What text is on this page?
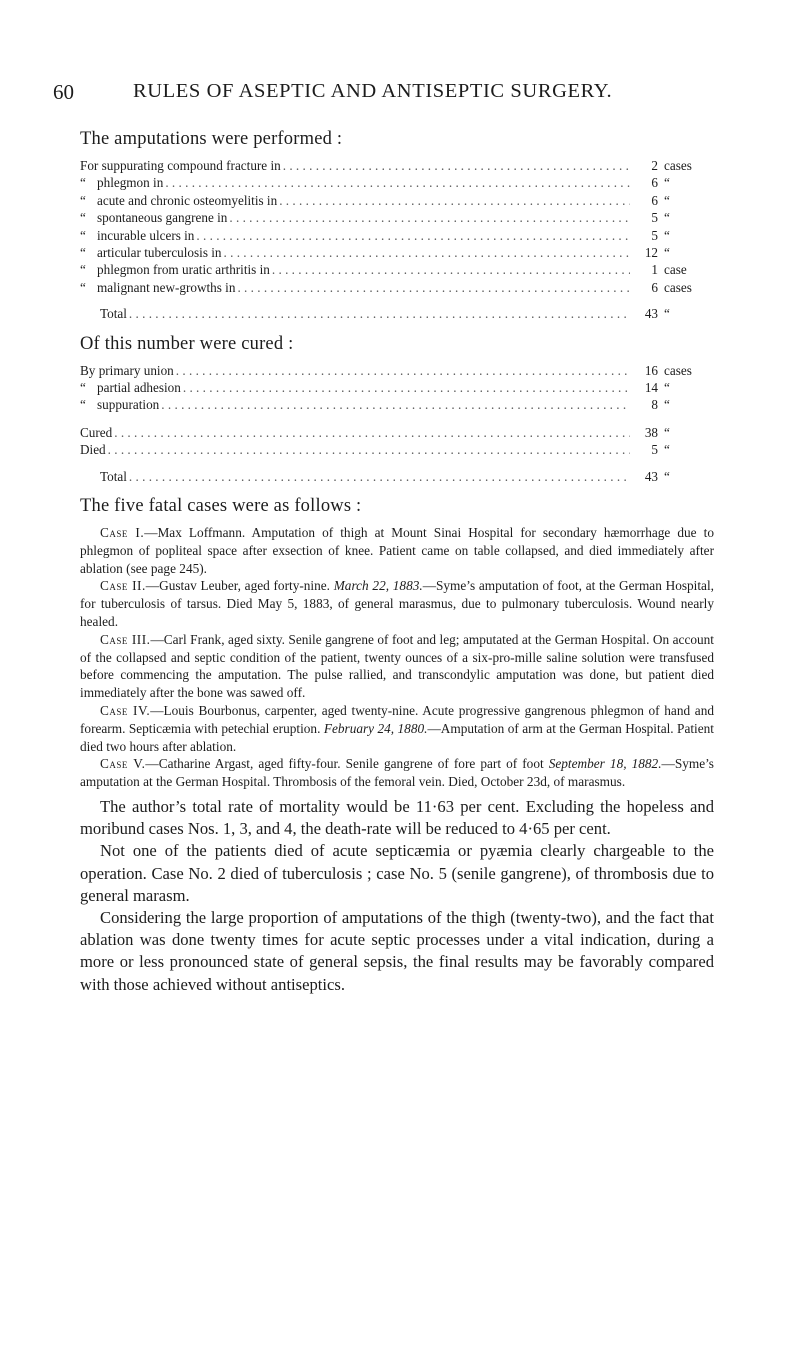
60	RULES OF ASEPTIC AND ANTISEPTIC SURGERY.
The amputations were performed :
For suppurating compound fracture in . . .	2 cases
“ phlegmon in . . .	6 “
“ acute and chronic osteomyelitis in . . .	6 “
“ spontaneous gangrene in . . .	5 “
“ incurable ulcers in . . .	5 “
“ articular tuberculosis in . . .	12 “
“ phlegmon from uratic arthritis in . . .	1 case
“ malignant new-growths in . . .	6 cases
Total . . .	43 “
Of this number were cured :
By primary union . . .	16 cases
“ partial adhesion . . .	14 “
“ suppuration . . .	8 “
Cured . . .	38 “
Died . . .	5 “
Total . . .	43 “
The five fatal cases were as follows :

Case I.—Max Loffmann. Amputation of thigh at Mount Sinai Hospital for secondary hæmorrhage due to phlegmon of popliteal space after exsection of knee. Patient came on table collapsed, and died immediately after ablation (see page 245).

Case II.—Gustav Leuber, aged forty-nine. March 22, 1883.—Syme’s amputation of foot, at the German Hospital, for tuberculosis of tarsus. Died May 5, 1883, of general marasmus, due to pulmonary tuberculosis. Wound nearly healed.

Case III.—Carl Frank, aged sixty. Senile gangrene of foot and leg; amputated at the German Hospital. On account of the collapsed and septic condition of the patient, twenty ounces of a six-pro-mille saline solution were transfused before commencing the amputation. The pulse rallied, and transcondylic amputation was done, but patient died immediately after the bone was sawed off.

Case IV.—Louis Bourbonus, carpenter, aged twenty-nine. Acute progressive gangrenous phlegmon of hand and forearm. Septicæmia with petechial eruption. February 24, 1880.—Amputation of arm at the German Hospital. Patient died two hours after ablation.

Case V.—Catharine Argast, aged fifty-four. Senile gangrene of fore part of foot September 18, 1882.—Syme’s amputation at the German Hospital. Thrombosis of the femoral vein. Died, October 23d, of marasmus.

The author’s total rate of mortality would be 11·63 per cent. Excluding the hopeless and moribund cases Nos. 1, 3, and 4, the death-rate will be reduced to 4·65 per cent.

Not one of the patients died of acute septicæmia or pyæmia clearly chargeable to the operation. Case No. 2 died of tuberculosis ; case No. 5 (senile gangrene), of thrombosis due to general marasm.

Considering the large proportion of amputations of the thigh (twenty-two), and the fact that ablation was done twenty times for acute septic processes under a vital indication, during a more or less pronounced state of general sepsis, the final results may be favorably compared with those achieved without antiseptics.
